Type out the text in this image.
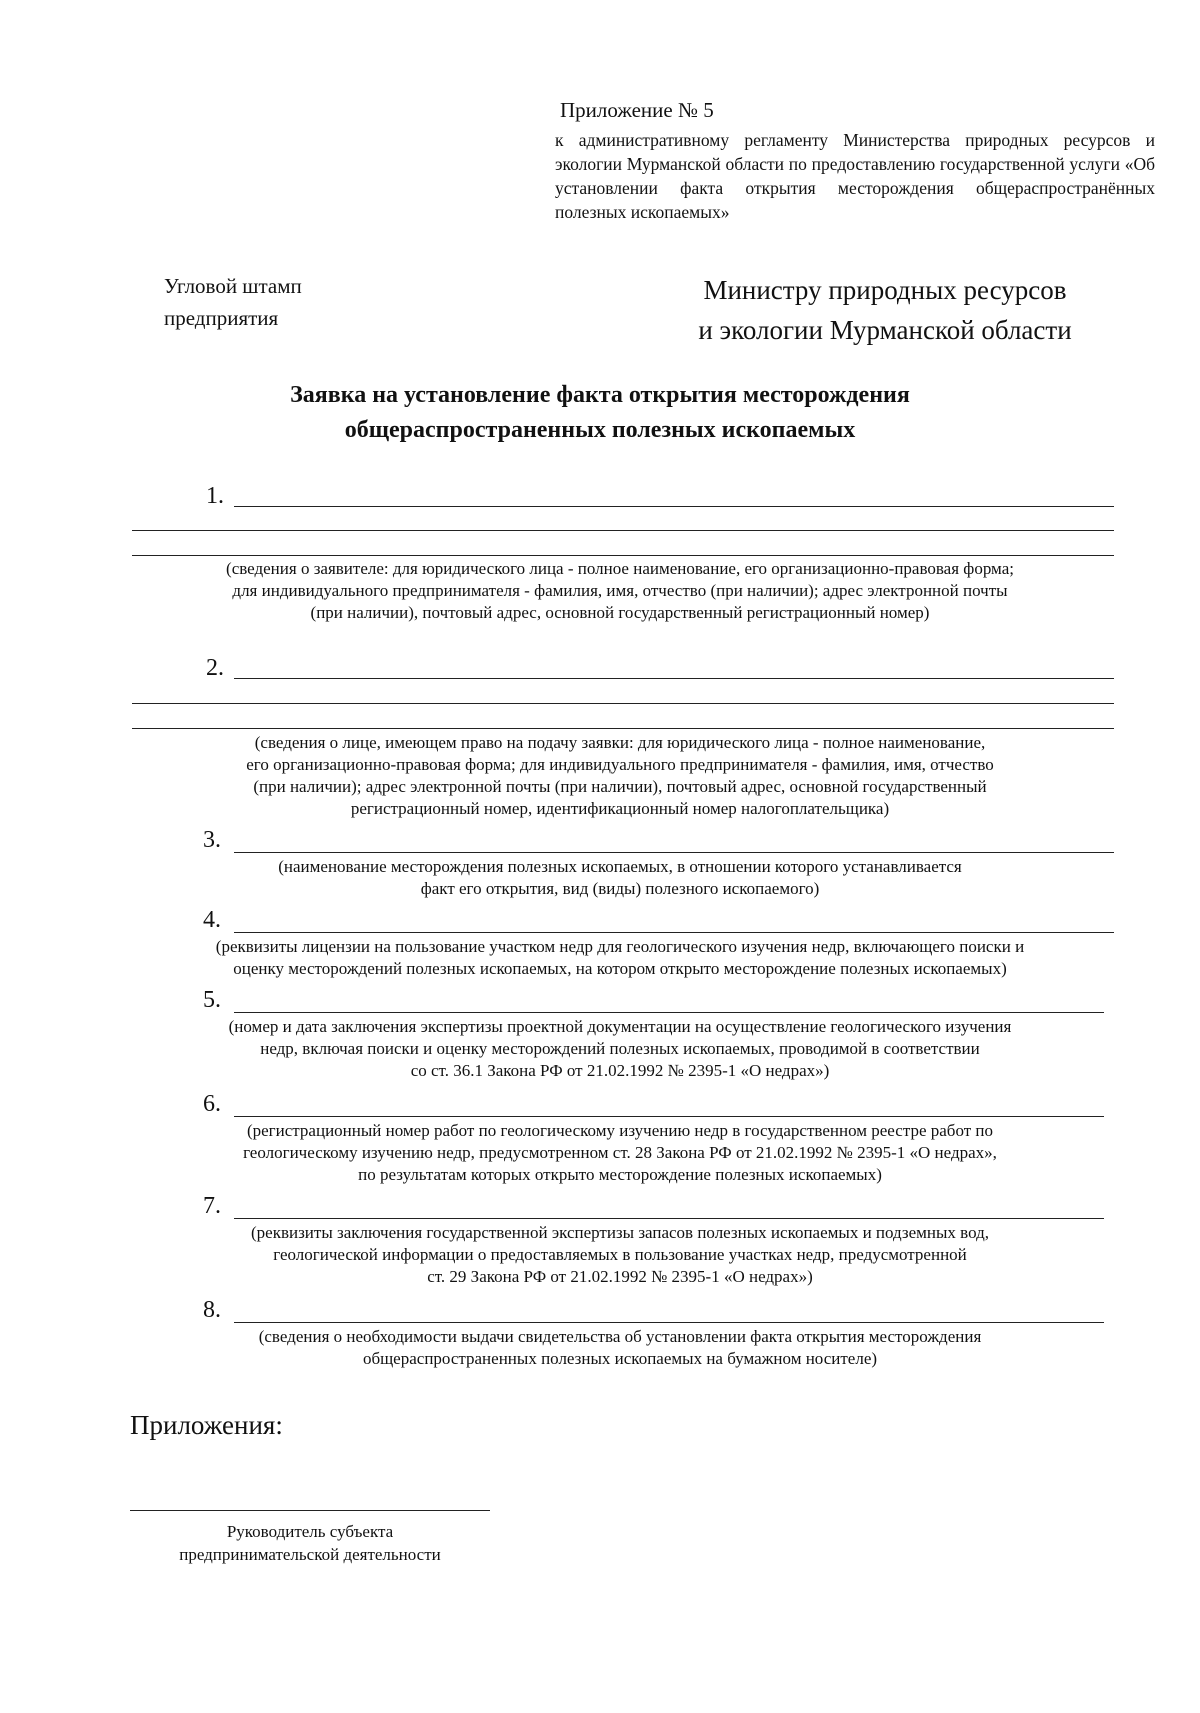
Приложение № 5
к административному регламенту Министерства природных ресурсов и экологии Мурманской области по предоставлению государственной услуги «Об установлении факта открытия месторождения общераспространённых полезных ископаемых»
Угловой штамп
предприятия
Министру природных ресурсов
и экологии Мурманской области
Заявка на установление факта открытия месторождения
общераспространенных полезных ископаемых
1.
(сведения о заявителе: для юридического лица - полное наименование, его организационно-правовая форма;
для индивидуального предпринимателя - фамилия, имя, отчество (при наличии); адрес электронной почты
(при наличии), почтовый адрес, основной государственный регистрационный номер)
2.
(сведения о лице, имеющем право на подачу заявки: для юридического лица - полное наименование,
его организационно-правовая форма; для индивидуального предпринимателя - фамилия, имя, отчество
(при наличии); адрес электронной почты (при наличии), почтовый адрес, основной государственный
регистрационный номер, идентификационный номер налогоплательщика)
3.
(наименование месторождения полезных ископаемых, в отношении которого устанавливается
факт его открытия, вид (виды) полезного ископаемого)
4.
(реквизиты лицензии на пользование участком недр для геологического изучения недр, включающего поиски и
оценку месторождений полезных ископаемых, на котором открыто месторождение полезных ископаемых)
5.
(номер и дата заключения экспертизы проектной документации на осуществление геологического изучения
недр, включая поиски и оценку месторождений полезных ископаемых, проводимой в соответствии
со ст. 36.1 Закона РФ от 21.02.1992 № 2395-1 «О недрах»)
6.
(регистрационный номер работ по геологическому изучению недр в государственном реестре работ по
геологическому изучению недр, предусмотренном ст. 28 Закона РФ от 21.02.1992 № 2395-1 «О недрах»,
по результатам которых открыто месторождение полезных ископаемых)
7.
(реквизиты заключения государственной экспертизы запасов полезных ископаемых и подземных вод,
геологической информации о предоставляемых в пользование участках недр, предусмотренной
ст. 29 Закона РФ от 21.02.1992 № 2395-1 «О недрах»)
8.
(сведения о необходимости выдачи свидетельства об установлении факта открытия месторождения
общераспространенных полезных ископаемых на бумажном носителе)
Приложения:
Руководитель субъекта
предпринимательской деятельности
